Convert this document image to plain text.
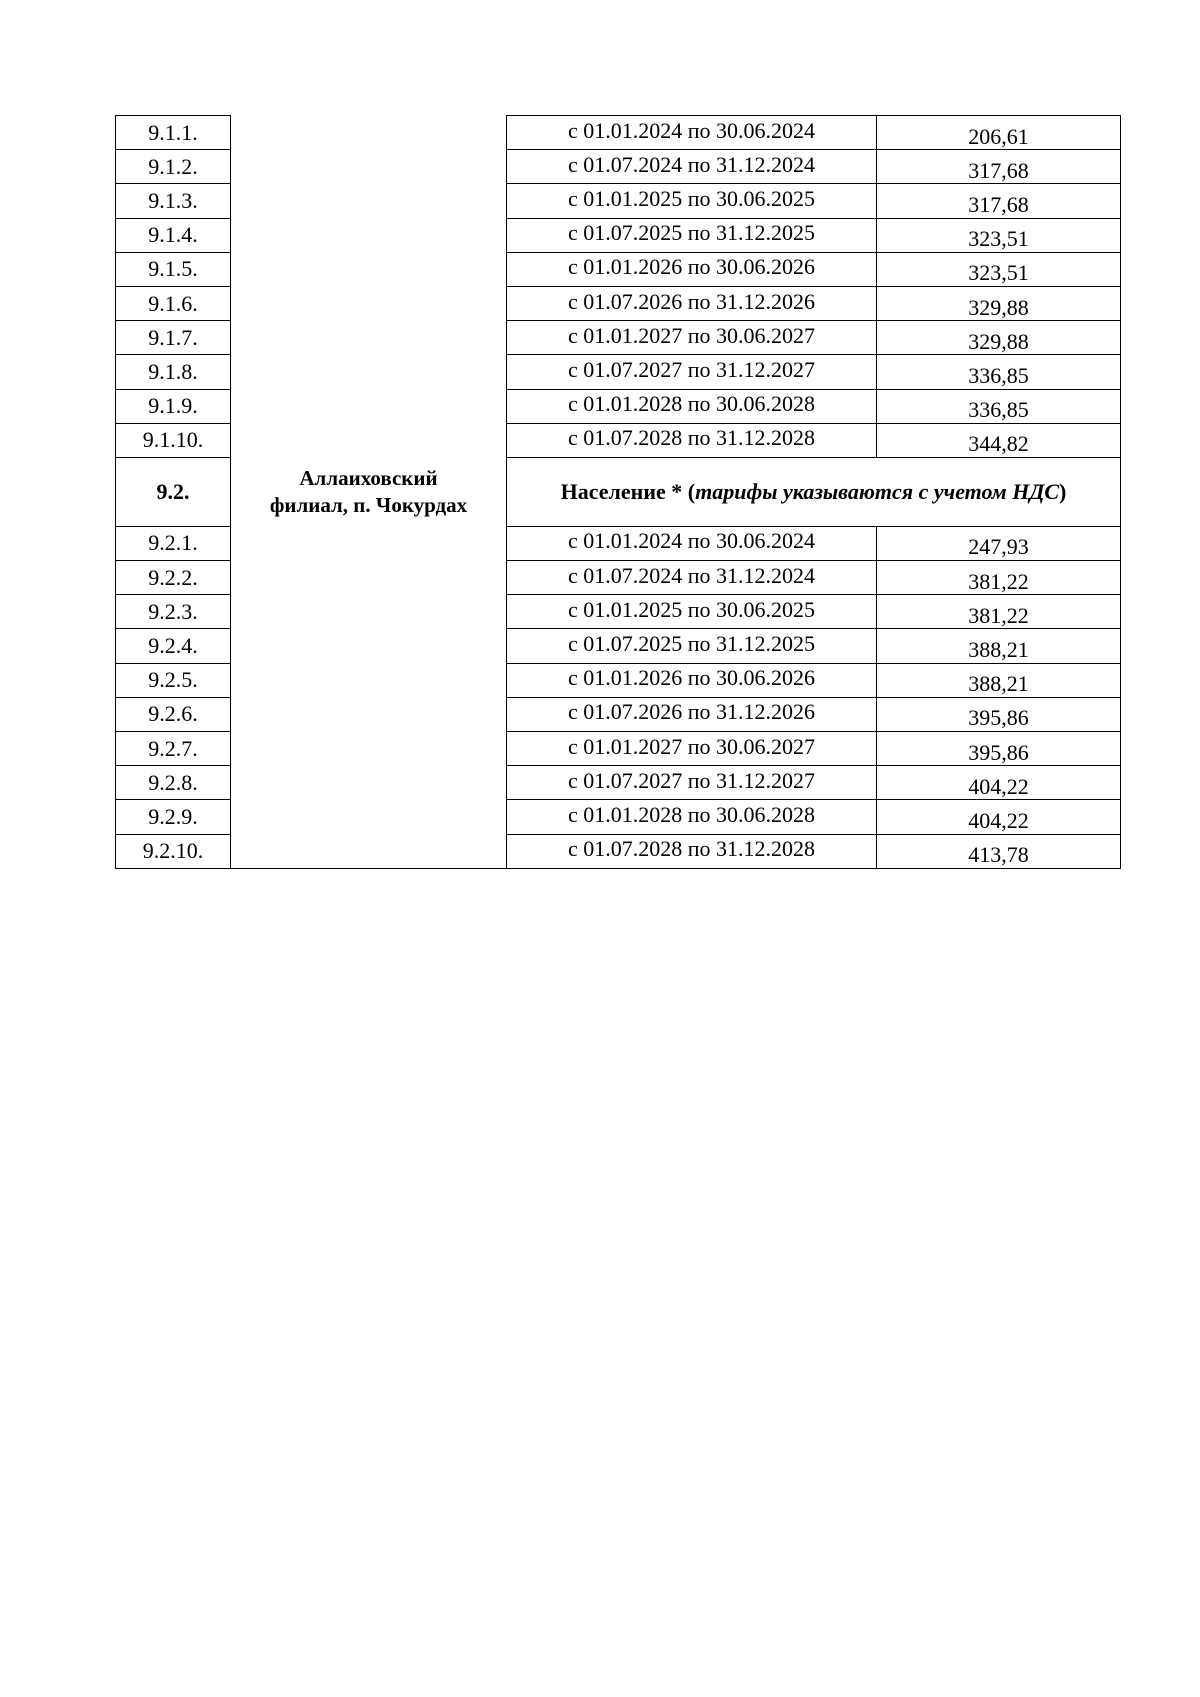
9.1.1.		с 01.01.2024 по 30.06.2024	206,61
9.1.2.		с 01.07.2024 по 31.12.2024	317,68
9.1.3.		с 01.01.2025 по 30.06.2025	317,68
9.1.4.		с 01.07.2025 по 31.12.2025	323,51
9.1.5.		с 01.01.2026 по 30.06.2026	323,51
9.1.6.		с 01.07.2026 по 31.12.2026	329,88
9.1.7.		с 01.01.2027 по 30.06.2027	329,88
9.1.8.		с 01.07.2027 по 31.12.2027	336,85
9.1.9.		с 01.01.2028 по 30.06.2028	336,85
9.1.10.		с 01.07.2028 по 31.12.2028	344,82
9.2.		Население * (тарифы указываются с учетом НДС)	
9.2.1.		с 01.01.2024 по 30.06.2024	247,93
9.2.2.		с 01.07.2024 по 31.12.2024	381,22
9.2.3.		с 01.01.2025 по 30.06.2025	381,22
9.2.4.		с 01.07.2025 по 31.12.2025	388,21
9.2.5.		с 01.01.2026 по 30.06.2026	388,21
9.2.6.		с 01.07.2026 по 31.12.2026	395,86
9.2.7.		с 01.01.2027 по 30.06.2027	395,86
9.2.8.		с 01.07.2027 по 31.12.2027	404,22
9.2.9.		с 01.01.2028 по 30.06.2028	404,22
9.2.10.		с 01.07.2028 по 31.12.2028	413,78
Аллаиховский
филиал, п. Чокурдах
